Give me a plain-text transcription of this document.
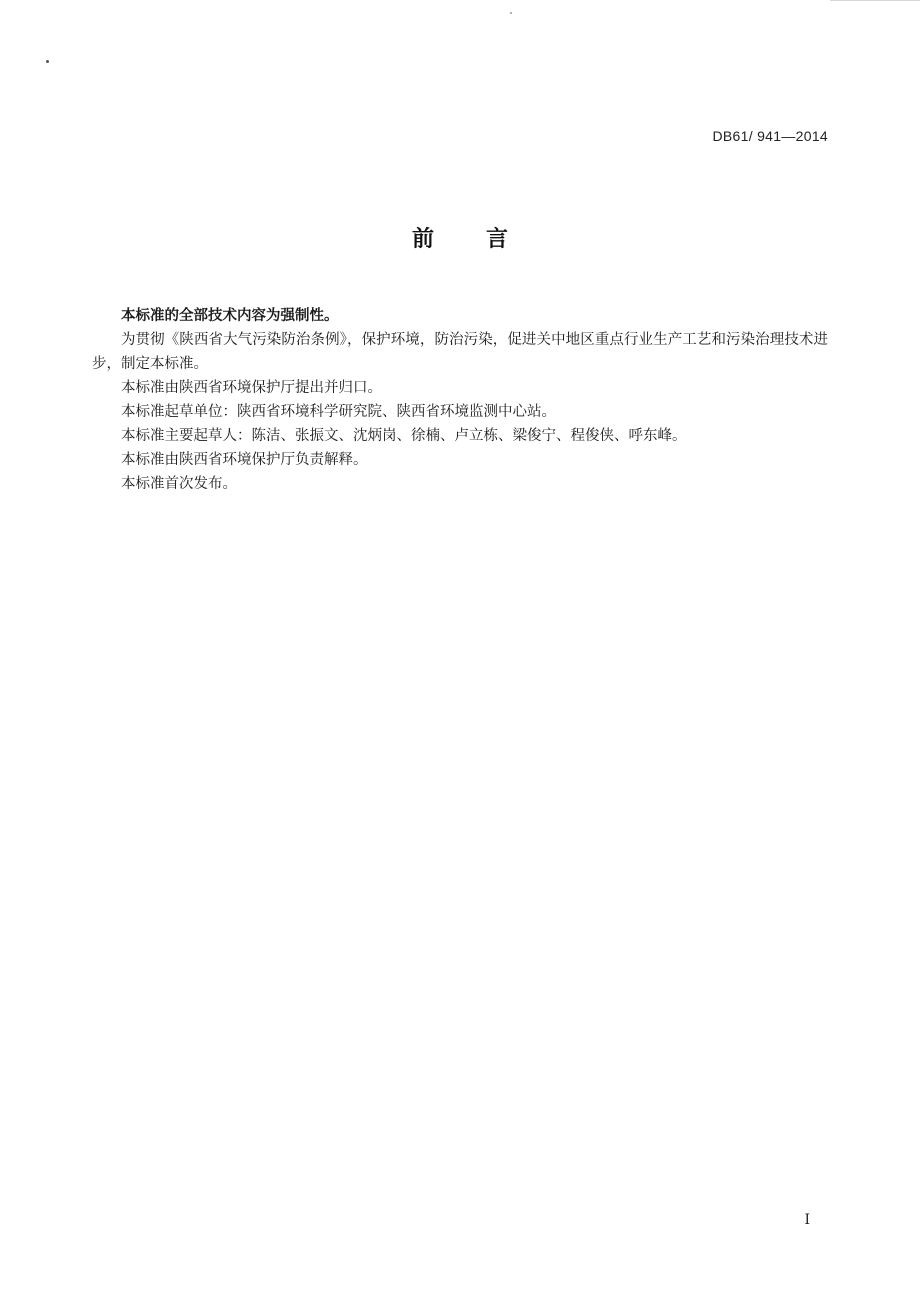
DB61/ 941—2014
前言

本标准的全部技术内容为强制性。

为贯彻《陕西省大气污染防治条例》，保护环境，防治污染，促进关中地区重点行业生产工艺和污染治理技术进步，制定本标准。

本标准由陕西省环境保护厅提出并归口。

本标准起草单位：陕西省环境科学研究院、陕西省环境监测中心站。

本标准主要起草人：陈洁、张振文、沈炳岗、徐楠、卢立栋、梁俊宁、程俊侠、呼东峰。

本标准由陕西省环境保护厅负责解释。

本标准首次发布。

I
